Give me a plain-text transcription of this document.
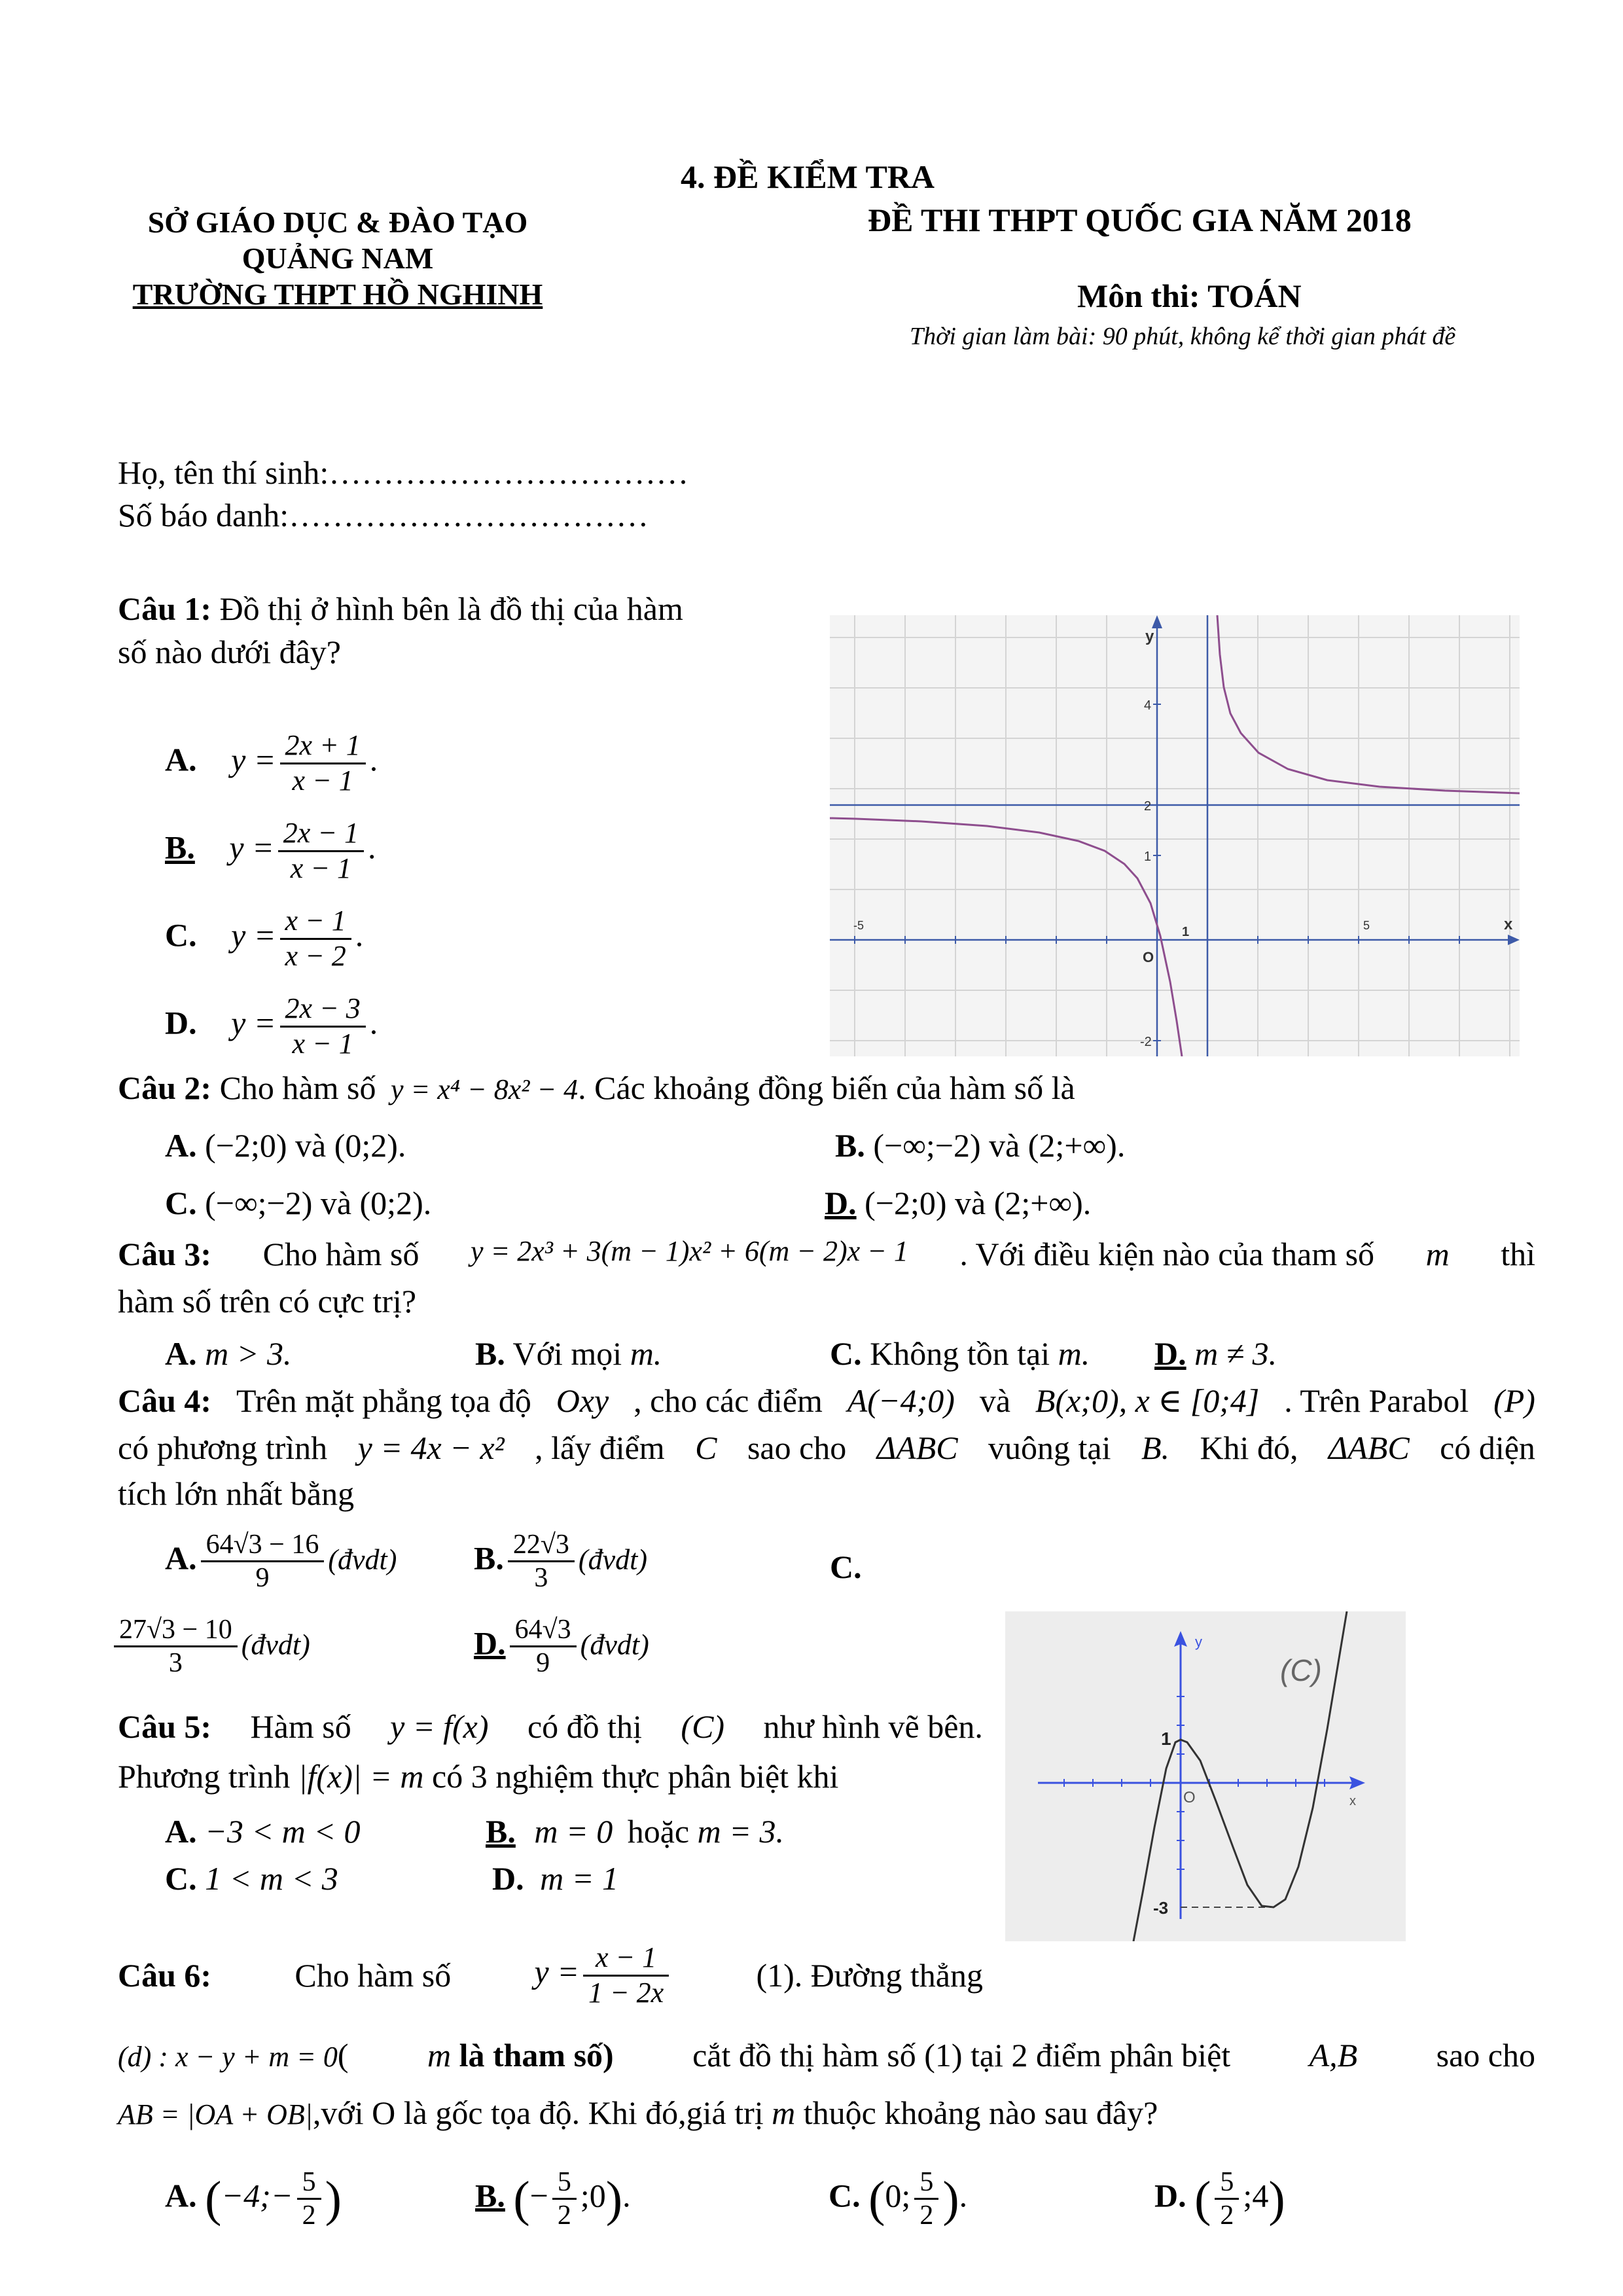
4. ĐỀ KIỂM TRA
SỞ GIÁO DỤC & ĐÀO TẠO
QUẢNG NAM
TRƯỜNG THPT HỒ NGHINH
ĐỀ THI THPT QUỐC GIA NĂM 2018
Môn thi: TOÁN
Thời gian làm bài: 90 phút, không kể thời gian phát đề
Họ, tên thí sinh:……………………………
Số báo danh:……………………………
Câu 1: Đồ thị ở hình bên là đồ thị của hàm
số nào dưới đây?
A. $y = \frac{2x + 1}{x - 1}$ .
B. $y = \frac{2x - 1}{x - 1}$ .
C. $y = \frac{x - 1}{x - 2}$ .
D. $y = \frac{2x - 3}{x - 1}$ .
y
x
O
4
2
1
-2
1	5
-5
Câu 2: Cho hàm số y = x⁴ − 8x² − 4. Các khoảng đồng biến của hàm số là
A. (−2;0) và (0;2).	B. (−∞;−2) và (2;+∞).
C. (−∞;−2) và (0;2).	D. (−2;0) và (2;+∞).
Câu 3: Cho hàm số y = 2x³ + 3(m − 1)x² + 6(m − 2)x − 1 . Với điều kiện nào của tham số m thì
hàm số trên có cực trị?
A. m > 3.	B. Với mọi m.	C. Không tồn tại m. D. m ≠ 3.
Câu 4: Trên mặt phẳng tọa độ Oxy , cho các điểm A(−4;0) và B(x;0), x ∈ [0;4] . Trên Parabol (P)
có phương trình y = 4x − x² , lấy điểm C sao cho ΔABC vuông tại B. Khi đó, ΔABC có diện
tích lớn nhất bằng
A. $\frac{64√3 - 16}{9}$ (đvdt) B. $\frac{22√3}{3}$ (đvdt)	C.
$\frac{27√3 - 10}{3}$ (đvdt)	D. $\frac{64√3}{9}$ (đvdt)
Câu 5: Hàm số y = f(x) có đồ thị (C) như hình vẽ bên.
Phương trình |f(x)| = m có 3 nghiệm thực phân biệt khi
A. −3 < m < 0	B. m = 0 hoặc m = 3.
C. 1 < m < 3	D. m = 1
y
x
O
1
-3
(C)
Câu 6:	Cho hàm số	$y = \frac{x - 1}{1 - 2x}$	(1). Đường thẳng
(d) : x − y + m = 0( m là tham số) cắt đồ thị hàm số (1) tại 2 điểm phân biệt A,B sao cho
AB = |OA + OB|,với O là gốc tọa độ. Khi đó,giá trị m thuộc khoảng nào sau đây?
A. (−4;− $\frac{5}{2}$ )	B. (− $\frac{5}{2}$ ;0).	C. (0; $\frac{5}{2}$ ).	D. ( $\frac{5}{2}$ ;4)
